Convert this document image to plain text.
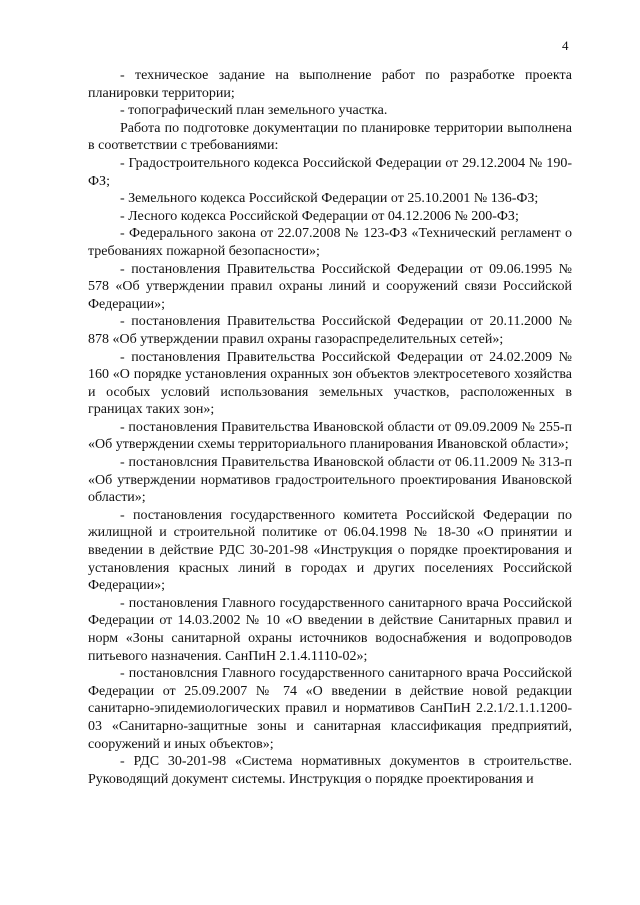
4

- техническое задание на выполнение работ по разработке проекта планировки территории;

- топографический план земельного участка.

Работа по подготовке документации по планировке территории выполнена в соответствии с требованиями:

- Градостроительного кодекса Российской Федерации от 29.12.2004 № 190-ФЗ;

- Земельного кодекса Российской Федерации от 25.10.2001 № 136-ФЗ;

- Лесного кодекса Российской Федерации от 04.12.2006 № 200-ФЗ;

- Федерального закона от 22.07.2008 № 123-ФЗ «Технический регламент о требованиях пожарной безопасности»;

- постановления Правительства Российской Федерации от 09.06.1995 № 578 «Об утверждении правил охраны линий и сооружений связи Российской Федерации»;

- постановления Правительства Российской Федерации от 20.11.2000 № 878 «Об утверждении правил охраны газораспределительных сетей»;

- постановления Правительства Российской Федерации от 24.02.2009 № 160 «О порядке установления охранных зон объектов электросетевого хозяйства и особых условий использования земельных участков, расположенных в границах таких зон»;

- постановления Правительства Ивановской области от 09.09.2009 № 255-п «Об утверждении схемы территориального планирования Ивановской области»;

- постановлсния Правительства Ивановской области от 06.11.2009 № 313-п «Об утверждении нормативов градостроительного проектирования Ивановской области»;

- постановления государственного комитета Российской Федерации по жилищной и строительной политике от 06.04.1998 № 18-30 «О принятии и введении в действие РДС 30-201-98 «Инструкция о порядке проектирования и установления красных линий в городах и других поселениях Российской Федерации»;

- постановления Главного государственного санитарного врача Российской Федерации от 14.03.2002 № 10 «О введении в действие Санитарных правил и норм «Зоны санитарной охраны источников водоснабжения и водопроводов питьевого назначения. СанПиН 2.1.4.1110-02»;

- постановлсния Главного государственного санитарного врача Российской Федерации от 25.09.2007 № 74 «О введении в действие новой редакции санитарно-эпидемиологических правил и нормативов СанПиН 2.2.1/2.1.1.1200-03 «Санитарно-защитные зоны и санитарная классификация предприятий, сооружений и иных объектов»;

- РДС 30-201-98 «Система нормативных документов в строительстве. Руководящий документ системы. Инструкция о порядке проектирования и
